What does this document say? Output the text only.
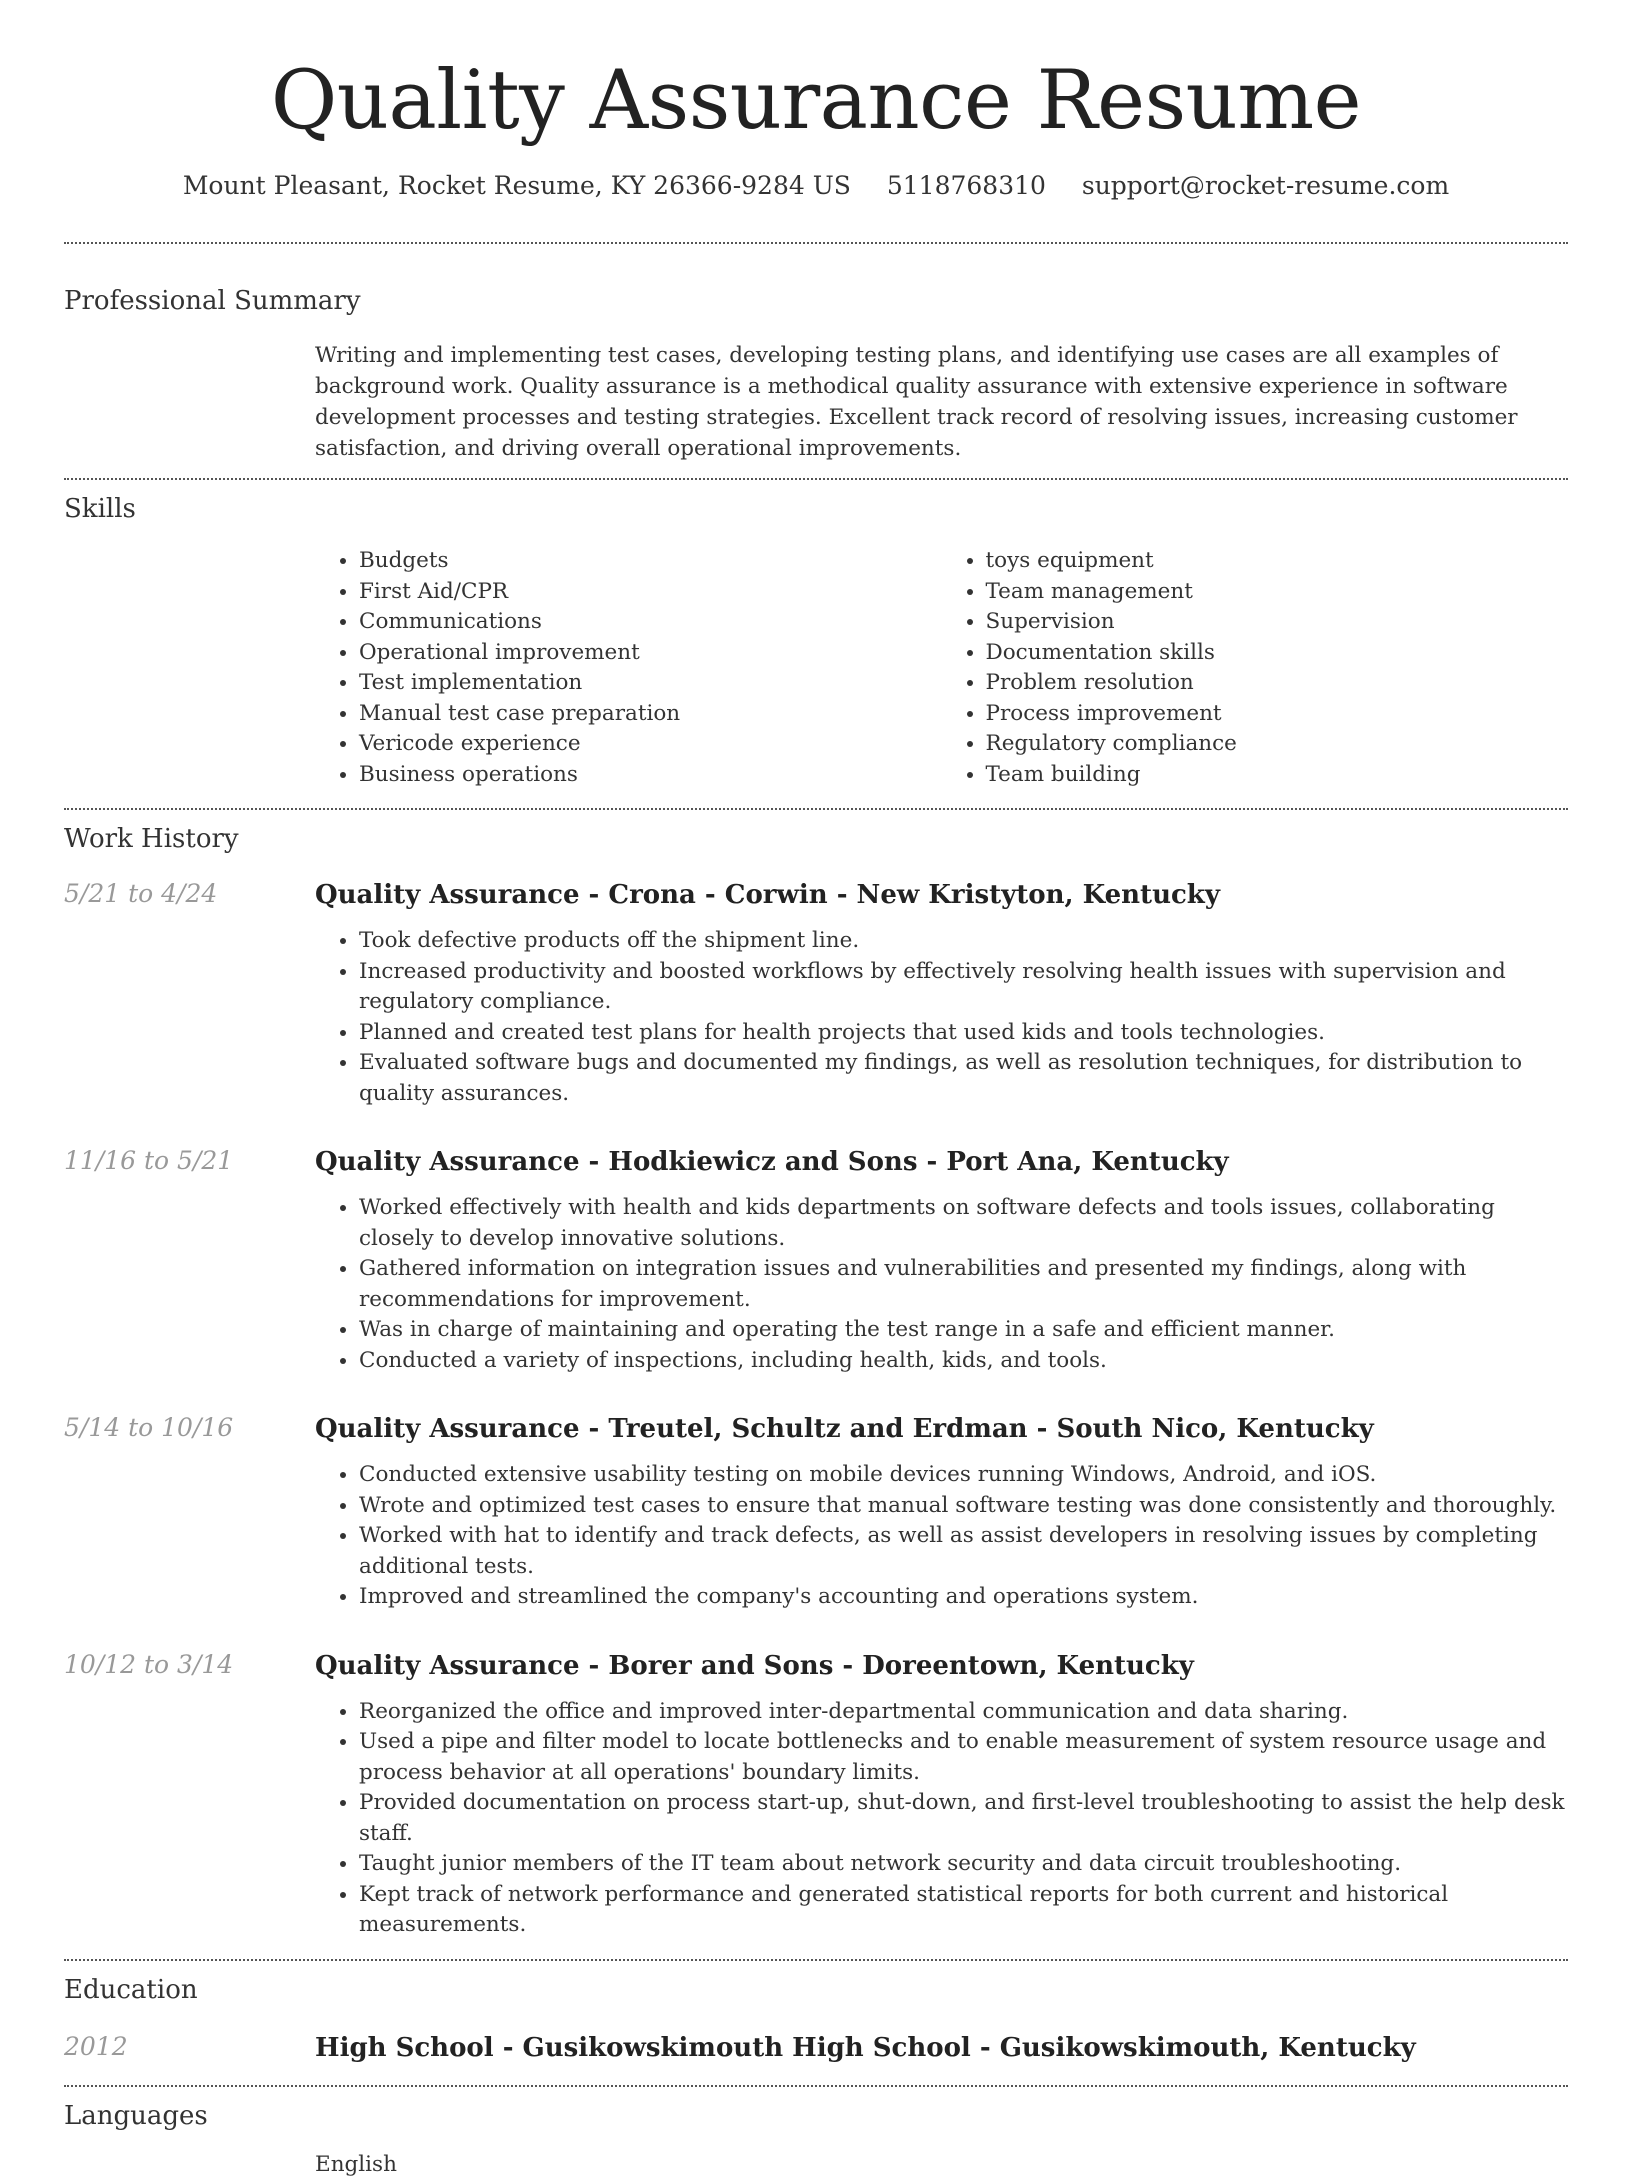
Quality Assurance Resume
Mount Pleasant, Rocket Resume, KY 26366-9284 US 5118768310 support@rocket-resume.com
Professional Summary

Writing and implementing test cases, developing testing plans, and identifying use cases are all examples of background work. Quality assurance is a methodical quality assurance with extensive experience in software development processes and testing strategies. Excellent track record of resolving issues, increasing customer satisfaction, and driving overall operational improvements.

Skills
• Budgets
• First Aid/CPR
• Communications
• Operational improvement
• Test implementation
• Manual test case preparation
• Vericode experience
• Business operations
• toys equipment
• Team management
• Supervision
• Documentation skills
• Problem resolution
• Process improvement
• Regulatory compliance
• Team building
Work History
5/21 to 4/24	Quality Assurance - Crona - Corwin - New Kristyton, Kentucky
• Took defective products off the shipment line.
• Increased productivity and boosted workflows by effectively resolving health issues with supervision and regulatory compliance.
• Planned and created test plans for health projects that used kids and tools technologies.
• Evaluated software bugs and documented my findings, as well as resolution techniques, for distribution to quality assurances.
11/16 to 5/21	Quality Assurance - Hodkiewicz and Sons - Port Ana, Kentucky
• Worked effectively with health and kids departments on software defects and tools issues, collaborating closely to develop innovative solutions.
• Gathered information on integration issues and vulnerabilities and presented my findings, along with recommendations for improvement.
• Was in charge of maintaining and operating the test range in a safe and efficient manner.
• Conducted a variety of inspections, including health, kids, and tools.
5/14 to 10/16	Quality Assurance - Treutel, Schultz and Erdman - South Nico, Kentucky
• Conducted extensive usability testing on mobile devices running Windows, Android, and iOS.
• Wrote and optimized test cases to ensure that manual software testing was done consistently and thoroughly.
• Worked with hat to identify and track defects, as well as assist developers in resolving issues by completing additional tests.
• Improved and streamlined the company's accounting and operations system.
10/12 to 3/14	Quality Assurance - Borer and Sons - Doreentown, Kentucky
• Reorganized the office and improved inter-departmental communication and data sharing.
• Used a pipe and filter model to locate bottlenecks and to enable measurement of system resource usage and process behavior at all operations' boundary limits.
• Provided documentation on process start-up, shut-down, and first-level troubleshooting to assist the help desk staff.
• Taught junior members of the IT team about network security and data circuit troubleshooting.
• Kept track of network performance and generated statistical reports for both current and historical measurements.
Education
2012	High School - Gusikowskimouth High School - Gusikowskimouth, Kentucky
Languages
English
